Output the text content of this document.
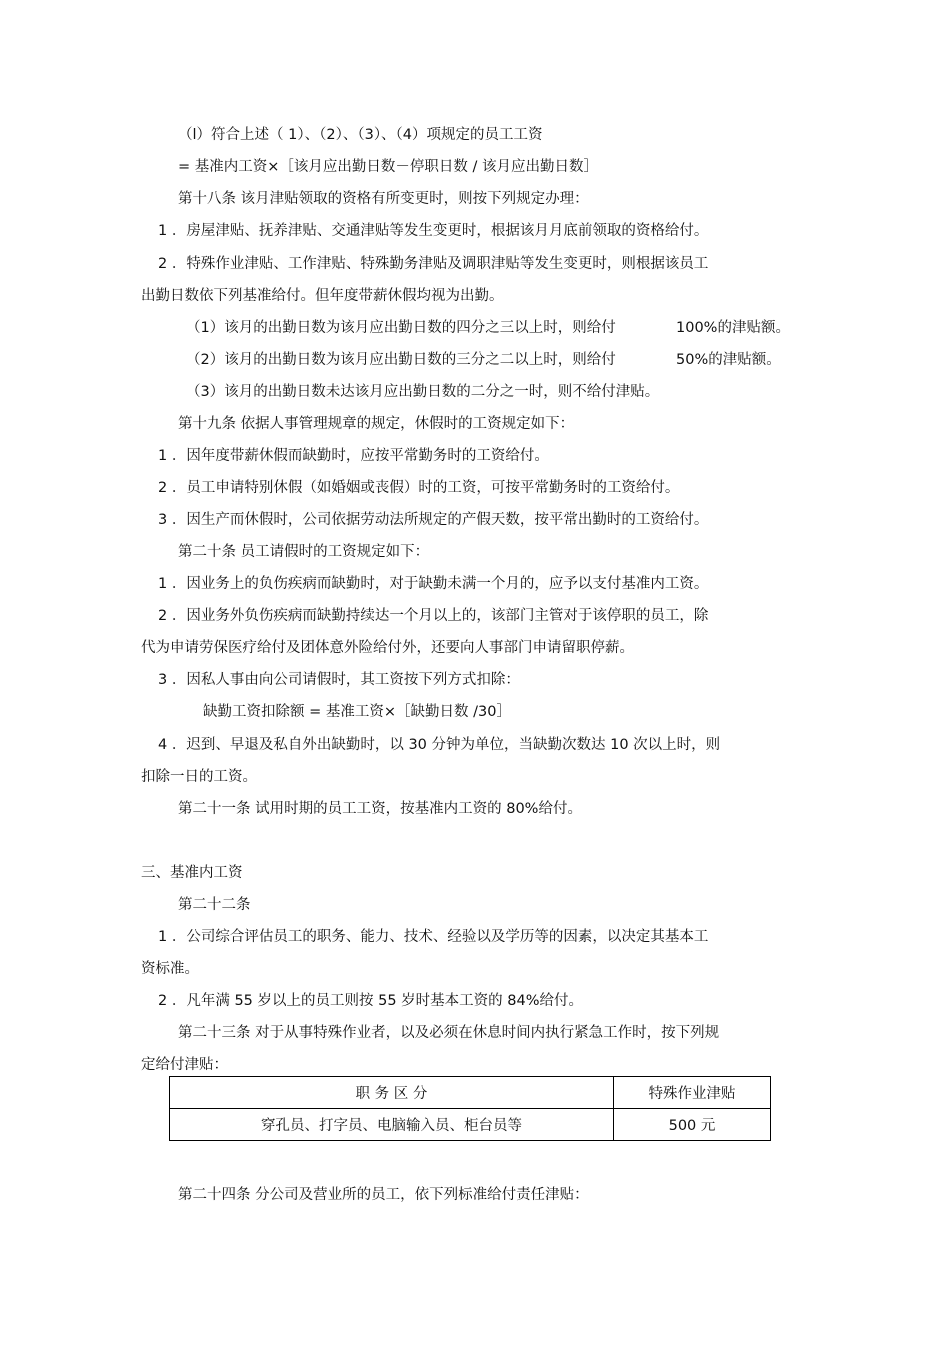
（l）符合上述（ 1）、（2）、（3）、（4）项规定的员工工资
= 基准内工资×［该月应出勤日数－停职日数 / 该月应出勤日数］
第十八条 该月津贴领取的资格有所变更时，则按下列规定办理：
1 ．房屋津贴、抚养津贴、交通津贴等发生变更时，根据该月月底前领取的资格给付。
2 ．特殊作业津贴、工作津贴、特殊勤务津贴及调职津贴等发生变更时，则根据该员工
出勤日数依下列基准给付。但年度带薪休假均视为出勤。
（1）该月的出勤日数为该月应出勤日数的四分之三以上时，则给付	100%的津贴额。
（2）该月的出勤日数为该月应出勤日数的三分之二以上时，则给付	50%的津贴额。
（3）该月的出勤日数未达该月应出勤日数的二分之一时，则不给付津贴。
第十九条 依据人事管理规章的规定，休假时的工资规定如下：
1 ．因年度带薪休假而缺勤时，应按平常勤务时的工资给付。
2 ．员工申请特别休假（如婚姻或丧假）时的工资，可按平常勤务时的工资给付。
3 ．因生产而休假时，公司依据劳动法所规定的产假天数，按平常出勤时的工资给付。
第二十条 员工请假时的工资规定如下：
1 ．因业务上的负伤疾病而缺勤时，对于缺勤未满一个月的，应予以支付基准内工资。
2 ．因业务外负伤疾病而缺勤持续达一个月以上的，该部门主管对于该停职的员工，除
代为申请劳保医疗给付及团体意外险给付外，还要向人事部门申请留职停薪。
3 ．因私人事由向公司请假时，其工资按下列方式扣除：
缺勤工资扣除额 = 基准工资×［缺勤日数 /30］
4 ．迟到、早退及私自外出缺勤时，以 30 分钟为单位，当缺勤次数达 10 次以上时，则
扣除一日的工资。
第二十一条 试用时期的员工工资，按基准内工资的 80%给付。
三、基准内工资
第二十二条
1 ．公司综合评估员工的职务、能力、技术、经验以及学历等的因素，以决定其基本工
资标准。
2 ．凡年满 55 岁以上的员工则按 55 岁时基本工资的 84%给付。
第二十三条 对于从事特殊作业者，以及必须在休息时间内执行紧急工作时，按下列规
定给付津贴：
职 务 区 分	特殊作业津贴
穿孔员、打字员、电脑输入员、柜台员等	500 元
第二十四条 分公司及营业所的员工，依下列标准给付责任津贴：
